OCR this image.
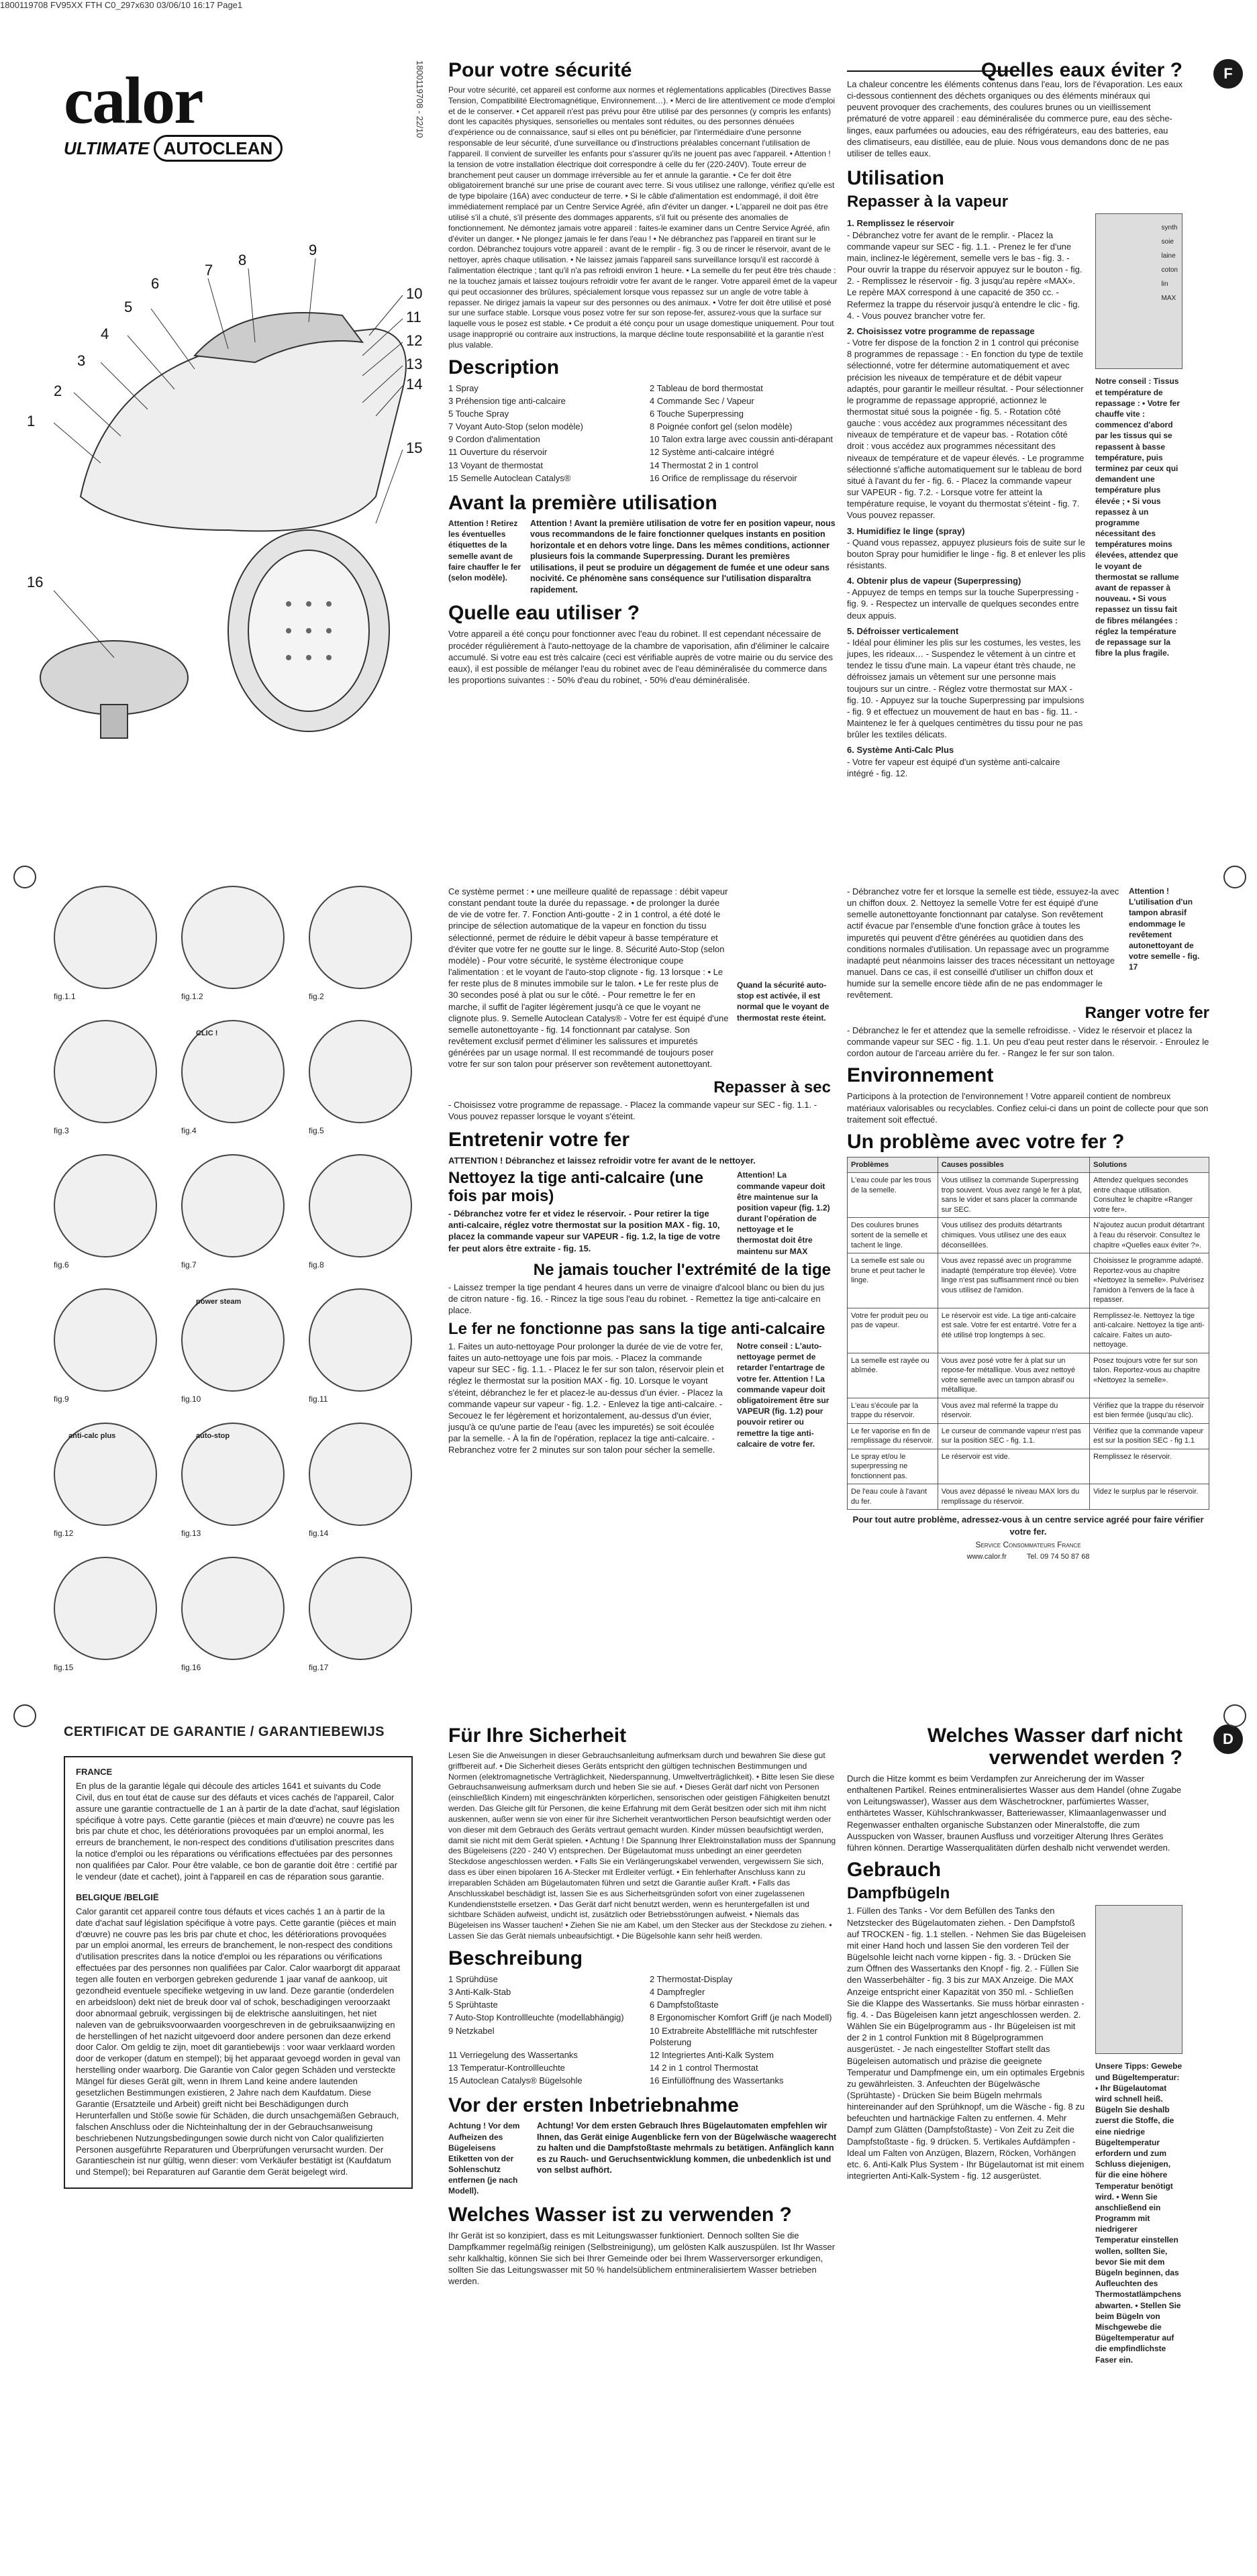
1800119708 FV95XX FTH C0_297x630 03/06/10 16:17 Page1
calor
ULTIMATE AUTOCLEAN
1800119708 - 22/10
1
2
3
4
5
6
7
8
9
10
11
12
13
14
15
16
Pour votre sécurité

Pour votre sécurité, cet appareil est conforme aux normes et réglementations applicables (Directives Basse Tension, Compatibilité Electromagnétique, Environnement…). • Merci de lire attentivement ce mode d'emploi et de le conserver. • Cet appareil n'est pas prévu pour être utilisé par des personnes (y compris les enfants) dont les capacités physiques, sensorielles ou mentales sont réduites, ou des personnes dénuées d'expérience ou de connaissance, sauf si elles ont pu bénéficier, par l'intermédiaire d'une personne responsable de leur sécurité, d'une surveillance ou d'instructions préalables concernant l'utilisation de l'appareil. Il convient de surveiller les enfants pour s'assurer qu'ils ne jouent pas avec l'appareil. • Attention ! la tension de votre installation électrique doit correspondre à celle du fer (220-240V). Toute erreur de branchement peut causer un dommage irréversible au fer et annule la garantie. • Ce fer doit être obligatoirement branché sur une prise de courant avec terre. Si vous utilisez une rallonge, vérifiez qu'elle est de type bipolaire (16A) avec conducteur de terre. • Si le câble d'alimentation est endommagé, il doit être immédiatement remplacé par un Centre Service Agréé, afin d'éviter un danger. • L'appareil ne doit pas être utilisé s'il a chuté, s'il présente des dommages apparents, s'il fuit ou présente des anomalies de fonctionnement. Ne démontez jamais votre appareil : faites-le examiner dans un Centre Service Agréé, afin d'éviter un danger. • Ne plongez jamais le fer dans l'eau ! • Ne débranchez pas l'appareil en tirant sur le cordon. Débranchez toujours votre appareil : avant de le remplir - fig. 3 ou de rincer le réservoir, avant de le nettoyer, après chaque utilisation. • Ne laissez jamais l'appareil sans surveillance lorsqu'il est raccordé à l'alimentation électrique ; tant qu'il n'a pas refroidi environ 1 heure. • La semelle du fer peut être très chaude : ne la touchez jamais et laissez toujours refroidir votre fer avant de le ranger. Votre appareil émet de la vapeur qui peut occasionner des brûlures, spécialement lorsque vous repassez sur un angle de votre table à repasser. Ne dirigez jamais la vapeur sur des personnes ou des animaux. • Votre fer doit être utilisé et posé sur une surface stable. Lorsque vous posez votre fer sur son repose-fer, assurez-vous que la surface sur laquelle vous le posez est stable. • Ce produit a été conçu pour un usage domestique uniquement. Pour tout usage inapproprié ou contraire aux instructions, la marque décline toute responsabilité et la garantie n'est plus valable.

Description
1 Spray	2 Tableau de bord thermostat
3 Préhension tige anti-calcaire	4 Commande Sec / Vapeur
5 Touche Spray	6 Touche Superpressing
7 Voyant Auto-Stop (selon modèle)	8 Poignée confort gel (selon modèle)
9 Cordon d'alimentation	10 Talon extra large avec coussin anti-dérapant
11 Ouverture du réservoir	12 Système anti-calcaire intégré
13 Voyant de thermostat	14 Thermostat 2 in 1 control
15 Semelle Autoclean Catalys®	16 Orifice de remplissage du réservoir
Avant la première utilisation
Attention ! Retirez les éventuelles étiquettes de la semelle avant de faire chauffer le fer (selon modèle).
Attention ! Avant la première utilisation de votre fer en position vapeur, nous vous recommandons de le faire fonctionner quelques instants en position horizontale et en dehors votre linge. Dans les mêmes conditions, actionner plusieurs fois la commande Superpressing. Durant les premières utilisations, il peut se produire un dégagement de fumée et une odeur sans nocivité. Ce phénomène sans conséquence sur l'utilisation disparaîtra rapidement.
Quelle eau utiliser ?

Votre appareil a été conçu pour fonctionner avec l'eau du robinet. Il est cependant nécessaire de procéder régulièrement à l'auto-nettoyage de la chambre de vaporisation, afin d'éliminer le calcaire accumulé. Si votre eau est très calcaire (ceci est vérifiable auprès de votre mairie ou du service des eaux), il est possible de mélanger l'eau du robinet avec de l'eau déminéralisée du commerce dans les proportions suivantes : - 50% d'eau du robinet, - 50% d'eau déminéralisée.

Quelles eaux éviter ?

La chaleur concentre les éléments contenus dans l'eau, lors de l'évaporation. Les eaux ci-dessous contiennent des déchets organiques ou des éléments minéraux qui peuvent provoquer des crachements, des coulures brunes ou un vieillissement prématuré de votre appareil : eau déminéralisée du commerce pure, eau des sèche-linges, eaux parfumées ou adoucies, eau des réfrigérateurs, eau des batteries, eau des climatiseurs, eau distillée, eau de pluie. Nous vous demandons donc de ne pas utiliser de telles eaux.

Utilisation
Repasser à la vapeur
1. Remplissez le réservoir

- Débranchez votre fer avant de le remplir. - Placez la commande vapeur sur SEC - fig. 1.1. - Prenez le fer d'une main, inclinez-le légèrement, semelle vers le bas - fig. 3. - Pour ouvrir la trappe du réservoir appuyez sur le bouton - fig. 2. - Remplissez le réservoir - fig. 3 jusqu'au repère «MAX». Le repère MAX correspond à une capacité de 350 cc. - Refermez la trappe du réservoir jusqu'à entendre le clic - fig. 4. - Vous pouvez brancher votre fer.

2. Choisissez votre programme de repassage

- Votre fer dispose de la fonction 2 in 1 control qui préconise 8 programmes de repassage : - En fonction du type de textile sélectionné, votre fer détermine automatiquement et avec précision les niveaux de température et de débit vapeur adaptés, pour garantir le meilleur résultat. - Pour sélectionner le programme de repassage approprié, actionnez le thermostat situé sous la poignée - fig. 5. - Rotation côté gauche : vous accédez aux programmes nécessitant des niveaux de température et de vapeur bas. - Rotation côté droit : vous accédez aux programmes nécessitant des niveaux de température et de vapeur élevés. - Le programme sélectionné s'affiche automatiquement sur le tableau de bord situé à l'avant du fer - fig. 6. - Placez la commande vapeur sur VAPEUR - fig. 7.2. - Lorsque votre fer atteint la température requise, le voyant du thermostat s'éteint - fig. 7. Vous pouvez repasser.

3. Humidifiez le linge (spray)

- Quand vous repassez, appuyez plusieurs fois de suite sur le bouton Spray pour humidifier le linge - fig. 8 et enlever les plis résistants.

4. Obtenir plus de vapeur (Superpressing)

- Appuyez de temps en temps sur la touche Superpressing - fig. 9. - Respectez un intervalle de quelques secondes entre deux appuis.

5. Défroisser verticalement

- Idéal pour éliminer les plis sur les costumes, les vestes, les jupes, les rideaux… - Suspendez le vêtement à un cintre et tendez le tissu d'une main. La vapeur étant très chaude, ne défroissez jamais un vêtement sur une personne mais toujours sur un cintre. - Réglez votre thermostat sur MAX - fig. 10. - Appuyez sur la touche Superpressing par impulsions - fig. 9 et effectuez un mouvement de haut en bas - fig. 11. - Maintenez le fer à quelques centimètres du tissu pour ne pas brûler les textiles délicats.

6. Système Anti-Calc Plus

- Votre fer vapeur est équipé d'un système anti-calcaire intégré - fig. 12.

synth
soie
laine
coton
lin
MAX
Notre conseil : Tissus et température de repassage : • Votre fer chauffe vite : commencez d'abord par les tissus qui se repassent à basse température, puis terminez par ceux qui demandent une température plus élevée ; • Si vous repassez à un programme nécessitant des températures moins élevées, attendez que le voyant de thermostat se rallume avant de repasser à nouveau. • Si vous repassez un tissu fait de fibres mélangées : réglez la température de repassage sur la fibre la plus fragile.
F
fig.1.1	fig.1.2	fig.2
fig.3
CLIC !
fig.4	fig.5
fig.6	fig.7	fig.8
fig.9
power steam
fig.10	fig.11
anti-calc plus
fig.12
auto-stop
fig.13	fig.14
fig.15	fig.16	fig.17

Ce système permet : • une meilleure qualité de repassage : débit vapeur constant pendant toute la durée du repassage. • de prolonger la durée de vie de votre fer. 7. Fonction Anti-goutte - 2 in 1 control, a été doté le principe de sélection automatique de la vapeur en fonction du tissu sélectionné, permet de réduire le débit vapeur à basse température et d'éviter que votre fer ne goutte sur le linge. 8. Sécurité Auto-Stop (selon modèle) - Pour votre sécurité, le système électronique coupe l'alimentation : et le voyant de l'auto-stop clignote - fig. 13 lorsque : • Le fer reste plus de 8 minutes immobile sur le talon. • Le fer reste plus de 30 secondes posé à plat ou sur le côté. - Pour remettre le fer en marche, il suffit de l'agiter légèrement jusqu'à ce que le voyant ne clignote plus. 9. Semelle Autoclean Catalys® - Votre fer est équipé d'une semelle autonettoyante - fig. 14 fonctionnant par catalyse. Son revêtement exclusif permet d'éliminer les salissures et impuretés générées par un usage normal. Il est recommandé de toujours poser votre fer sur son talon pour préserver son revêtement autonettoyant.

Quand la sécurité auto-stop est activée, il est normal que le voyant de thermostat reste éteint.
Repasser à sec

- Choisissez votre programme de repassage. - Placez la commande vapeur sur SEC - fig. 1.1. - Vous pouvez repasser lorsque le voyant s'éteint.

Entretenir votre fer

ATTENTION ! Débranchez et laissez refroidir votre fer avant de le nettoyer.

Nettoyez la tige anti-calcaire (une fois par mois)

- Débranchez votre fer et videz le réservoir. - Pour retirer la tige anti-calcaire, réglez votre thermostat sur la position MAX - fig. 10, placez la commande vapeur sur VAPEUR - fig. 1.2, la tige de votre fer peut alors être extraite - fig. 15.

Attention! La commande vapeur doit être maintenue sur la position vapeur (fig. 1.2) durant l'opération de nettoyage et le thermostat doit être maintenu sur MAX
Ne jamais toucher l'extrémité de la tige

- Laissez tremper la tige pendant 4 heures dans un verre de vinaigre d'alcool blanc ou bien du jus de citron nature - fig. 16. - Rincez la tige sous l'eau du robinet. - Remettez la tige anti-calcaire en place.

Le fer ne fonctionne pas sans la tige anti-calcaire

1. Faites un auto-nettoyage Pour prolonger la durée de vie de votre fer, faites un auto-nettoyage une fois par mois. - Placez la commande vapeur sur SEC - fig. 1.1. - Placez le fer sur son talon, réservoir plein et réglez le thermostat sur la position MAX - fig. 10. Lorsque le voyant s'éteint, débranchez le fer et placez-le au-dessus d'un évier. - Placez la commande vapeur sur vapeur - fig. 1.2. - Enlevez la tige anti-calcaire. - Secouez le fer légèrement et horizontalement, au-dessus d'un évier, jusqu'à ce qu'une partie de l'eau (avec les impuretés) se soit écoulée par la semelle. - À la fin de l'opération, replacez la tige anti-calcaire. - Rebranchez votre fer 2 minutes sur son talon pour sécher la semelle.

Notre conseil : L'auto-nettoyage permet de retarder l'entartrage de votre fer. Attention ! La commande vapeur doit obligatoirement être sur VAPEUR (fig. 1.2) pour pouvoir retirer ou remettre la tige anti-calcaire de votre fer.

- Débranchez votre fer et lorsque la semelle est tiède, essuyez-la avec un chiffon doux. 2. Nettoyez la semelle Votre fer est équipé d'une semelle autonettoyante fonctionnant par catalyse. Son revêtement actif évacue par l'ensemble d'une fonction grâce à toutes les impuretés qui peuvent d'être générées au quotidien dans des conditions normales d'utilisation. Un repassage avec un programme inadapté peut néanmoins laisser des traces nécessitant un nettoyage manuel. Dans ce cas, il est conseillé d'utiliser un chiffon doux et humide sur la semelle encore tiède afin de ne pas endommager le revêtement.

Attention ! L'utilisation d'un tampon abrasif endommage le revêtement autonettoyant de votre semelle - fig. 17
Ranger votre fer

- Débranchez le fer et attendez que la semelle refroidisse. - Videz le réservoir et placez la commande vapeur sur SEC - fig. 1.1. Un peu d'eau peut rester dans le réservoir. - Enroulez le cordon autour de l'arceau arrière du fer. - Rangez le fer sur son talon.

Environnement

Participons à la protection de l'environnement ! Votre appareil contient de nombreux matériaux valorisables ou recyclables. Confiez celui-ci dans un point de collecte pour que son traitement soit effectué.

Un problème avec votre fer ?
Problèmes	Causes possibles	Solutions
L'eau coule par les trous de la semelle.	Vous utilisez la commande Superpressing trop souvent. Vous avez rangé le fer à plat, sans le vider et sans placer la commande sur SEC.	Attendez quelques secondes entre chaque utilisation. Consultez le chapitre «Ranger votre fer».
Des coulures brunes sortent de la semelle et tachent le linge.	Vous utilisez des produits détartrants chimiques. Vous utilisez une des eaux déconseillées.	N'ajoutez aucun produit détartrant à l'eau du réservoir. Consultez le chapitre «Quelles eaux éviter ?».
La semelle est sale ou brune et peut tacher le linge.	Vous avez repassé avec un programme inadapté (température trop élevée). Votre linge n'est pas suffisamment rincé ou bien vous utilisez de l'amidon.	Choisissez le programme adapté. Reportez-vous au chapitre «Nettoyez la semelle». Pulvérisez l'amidon à l'envers de la face à repasser.
Votre fer produit peu ou pas de vapeur.	Le réservoir est vide. La tige anti-calcaire est sale. Votre fer est entartré. Votre fer a été utilisé trop longtemps à sec.	Remplissez-le. Nettoyez la tige anti-calcaire. Nettoyez la tige anti-calcaire. Faites un auto-nettoyage.
La semelle est rayée ou abîmée.	Vous avez posé votre fer à plat sur un repose-fer métallique. Vous avez nettoyé votre semelle avec un tampon abrasif ou métallique.	Posez toujours votre fer sur son talon. Reportez-vous au chapitre «Nettoyez la semelle».
L'eau s'écoule par la trappe du réservoir.	Vous avez mal refermé la trappe du réservoir.	Vérifiez que la trappe du réservoir est bien fermée (jusqu'au clic).
Le fer vaporise en fin de remplissage du réservoir.	Le curseur de commande vapeur n'est pas sur la position SEC - fig. 1.1.	Vérifiez que la commande vapeur est sur la position SEC - fig 1.1
Le spray et/ou le superpressing ne fonctionnent pas.	Le réservoir est vide.	Remplissez le réservoir.
De l'eau coule à l'avant du fer.	Vous avez dépassé le niveau MAX lors du remplissage du réservoir.	Videz le surplus par le réservoir.
Pour tout autre problème, adressez-vous à un centre service agréé pour faire vérifier votre fer.
Service Consommateurs France
www.calor.fr	Tel. 09 74 50 87 68
CERTIFICAT DE GARANTIE / GARANTIEBEWIJS
FRANCE

En plus de la garantie légale qui découle des articles 1641 et suivants du Code Civil, dus en tout état de cause sur des défauts et vices cachés de l'appareil, Calor assure une garantie contractuelle de 1 an à partir de la date d'achat, sauf législation spécifique à votre pays. Cette garantie (pièces et main d'œuvre) ne couvre pas les bris par chute et choc, les détériorations provoquées par un emploi anormal, les erreurs de branchement, le non-respect des conditions d'utilisation prescrites dans la notice d'emploi ou les réparations ou vérifications effectuées par des personnes non qualifiées par Calor. Pour être valable, ce bon de garantie doit être : certifié par le vendeur (date et cachet), joint à l'appareil en cas de réparation sous garantie.

BELGIQUE /BELGIË

Calor garantit cet appareil contre tous défauts et vices cachés 1 an à partir de la date d'achat sauf législation spécifique à votre pays. Cette garantie (pièces et main d'œuvre) ne couvre pas les bris par chute et choc, les détériorations provoquées par un emploi anormal, les erreurs de branchement, le non-respect des conditions d'utilisation prescrites dans la notice d'emploi ou les réparations ou vérifications effectuées par des personnes non qualifiées par Calor. Calor waarborgt dit apparaat tegen alle fouten en verborgen gebreken gedurende 1 jaar vanaf de aankoop, uit gezondheid eventuele specifieke wetgeving in uw land. Deze garantie (onderdelen en arbeidsloon) dekt niet de breuk door val of schok, beschadigingen veroorzaakt door abnormaal gebruik, vergissingen bij de elektrische aansluitingen, het niet naleven van de gebruiksvoorwaarden voorgeschreven in de gebruiksaanwijzing en de herstellingen of het nazicht uitgevoerd door andere personen dan deze erkend door Calor. Om geldig te zijn, moet dit garantiebewijs : voor waar verklaard worden door de verkoper (datum en stempel); bij het apparaat gevoegd worden in geval van herstelling onder waarborg. Die Garantie von Calor gegen Schäden und versteckte Mängel für dieses Gerät gilt, wenn in Ihrem Land keine andere lautenden gesetzlichen Bestimmungen existieren, 2 Jahre nach dem Kaufdatum. Diese Garantie (Ersatzteile und Arbeit) greift nicht bei Beschädigungen durch Herunterfallen und Stöße sowie für Schäden, die durch unsachgemäßen Gebrauch, falschen Anschluss oder die Nichteinhaltung der in der Gebrauchsanweisung beschriebenen Nutzungsbedingungen sowie durch nicht von Calor qualifizierten Personen ausgeführte Reparaturen und Überprüfungen verursacht wurden. Der Garantieschein ist nur gültig, wenn dieser: vom Verkäufer bestätigt ist (Kaufdatum und Stempel); bei Reparaturen auf Garantie dem Gerät beigelegt wird.

Für Ihre Sicherheit

Lesen Sie die Anweisungen in dieser Gebrauchsanleitung aufmerksam durch und bewahren Sie diese gut griffbereit auf. • Die Sicherheit dieses Geräts entspricht den gültigen technischen Bestimmungen und Normen (elektromagnetische Verträglichkeit, Niederspannung, Umweltverträglichkeit). • Bitte lesen Sie diese Gebrauchsanweisung aufmerksam durch und heben Sie sie auf. • Dieses Gerät darf nicht von Personen (einschließlich Kindern) mit eingeschränkten körperlichen, sensorischen oder geistigen Fähigkeiten benutzt werden. Das Gleiche gilt für Personen, die keine Erfahrung mit dem Gerät besitzen oder sich mit ihm nicht auskennen, außer wenn sie von einer für ihre Sicherheit verantwortlichen Person beaufsichtigt werden oder von dieser mit dem Gebrauch des Geräts vertraut gemacht wurden. Kinder müssen beaufsichtigt werden, damit sie nicht mit dem Gerät spielen. • Achtung ! Die Spannung Ihrer Elektroinstallation muss der Spannung des Bügeleisens (220 - 240 V) entsprechen. Der Bügelautomat muss unbedingt an einer geerdeten Steckdose angeschlossen werden. • Falls Sie ein Verlängerungskabel verwenden, vergewissern Sie sich, dass es über einen bipolaren 16 A-Stecker mit Erdleiter verfügt. • Ein fehlerhafter Anschluss kann zu irreparablen Schäden am Bügelautomaten führen und setzt die Garantie außer Kraft. • Falls das Anschlusskabel beschädigt ist, lassen Sie es aus Sicherheitsgründen sofort von einer zugelassenen Kundendienststelle ersetzen. • Das Gerät darf nicht benutzt werden, wenn es heruntergefallen ist und sichtbare Schäden aufweist, undicht ist, zusätzlich oder Betriebsstörungen aufweist. • Niemals das Bügeleisen ins Wasser tauchen! • Ziehen Sie nie am Kabel, um den Stecker aus der Steckdose zu ziehen. • Lassen Sie das Gerät niemals unbeaufsichtigt. • Die Bügelsohle kann sehr heiß werden.

Beschreibung
1 Sprühdüse	2 Thermostat-Display
3 Anti-Kalk-Stab	4 Dampfregler
5 Sprühtaste	6 Dampfstoßtaste
7 Auto-Stop Kontrollleuchte (modellabhängig)	8 Ergonomischer Komfort Griff (je nach Modell)
9 Netzkabel	10 Extrabreite Abstellfläche mit rutschfester Polsterung
11 Verriegelung des Wassertanks	12 Integriertes Anti-Kalk System
13 Temperatur-Kontrollleuchte	14 2 in 1 control Thermostat
15 Autoclean Catalys® Bügelsohle	16 Einfüllöffnung des Wassertanks
Vor der ersten Inbetriebnahme
Achtung ! Vor dem Aufheizen des Bügeleisens Etiketten von der Sohlenschutz entfernen (je nach Modell).
Achtung! Vor dem ersten Gebrauch Ihres Bügelautomaten empfehlen wir Ihnen, das Gerät einige Augenblicke fern von der Bügelwäsche waagerecht zu halten und die Dampfstoßtaste mehrmals zu betätigen. Anfänglich kann es zu Rauch- und Geruchsentwicklung kommen, die unbedenklich ist und von selbst aufhört.
Welches Wasser ist zu verwenden ?

Ihr Gerät ist so konzipiert, dass es mit Leitungswasser funktioniert. Dennoch sollten Sie die Dampfkammer regelmäßig reinigen (Selbstreinigung), um gelösten Kalk auszuspülen. Ist Ihr Wasser sehr kalkhaltig, können Sie sich bei Ihrer Gemeinde oder bei Ihrem Wasserversorger erkundigen, sollten Sie das Leitungswasser mit 50 % handelsüblichem entmineralisiertem Wasser betrieben werden.

Welches Wasser darf nicht verwendet werden ?

Durch die Hitze kommt es beim Verdampfen zur Anreicherung der im Wasser enthaltenen Partikel. Reines entmineralisiertes Wasser aus dem Handel (ohne Zugabe von Leitungswasser), Wasser aus dem Wäschetrockner, parfümiertes Wasser, enthärtetes Wasser, Kühlschrankwasser, Batteriewasser, Klimaanlagenwasser und Regenwasser enthalten organische Substanzen oder Mineralstoffe, die zum Ausspucken von Wasser, braunen Ausfluss und vorzeitiger Alterung Ihres Gerätes führen können. Derartige Wasserqualitäten dürfen deshalb nicht verwendet werden.

Gebrauch
Dampfbügeln

1. Füllen des Tanks - Vor dem Befüllen des Tanks den Netzstecker des Bügelautomaten ziehen. - Den Dampfstoß auf TROCKEN - fig. 1.1 stellen. - Nehmen Sie das Bügeleisen mit einer Hand hoch und lassen Sie den vorderen Teil der Bügelsohle leicht nach vorne kippen - fig. 3. - Drücken Sie zum Öffnen des Wassertanks den Knopf - fig. 2. - Füllen Sie den Wasserbehälter - fig. 3 bis zur MAX Anzeige. Die MAX Anzeige entspricht einer Kapazität von 350 ml. - Schließen Sie die Klappe des Wassertanks. Sie muss hörbar einrasten - fig. 4. - Das Bügeleisen kann jetzt angeschlossen werden. 2. Wählen Sie ein Bügelprogramm aus - Ihr Bügeleisen ist mit der 2 in 1 control Funktion mit 8 Bügelprogrammen ausgerüstet. - Je nach eingestellter Stoffart stellt das Bügeleisen automatisch und präzise die geeignete Temperatur und Dampfmenge ein, um ein optimales Ergebnis zu gewährleisten. 3. Anfeuchten der Bügelwäsche (Sprühtaste) - Drücken Sie beim Bügeln mehrmals hintereinander auf den Sprühknopf, um die Wäsche - fig. 8 zu befeuchten und hartnäckige Falten zu entfernen. 4. Mehr Dampf zum Glätten (Dampfstoßtaste) - Von Zeit zu Zeit die Dampfstoßtaste - fig. 9 drücken. 5. Vertikales Aufdämpfen - Ideal um Falten von Anzügen, Blazern, Röcken, Vorhängen etc. 6. Anti-Kalk Plus System - Ihr Bügelautomat ist mit einem integrierten Anti-Kalk-System - fig. 12 ausgerüstet.

Unsere Tipps: Gewebe und Bügeltemperatur: • Ihr Bügelautomat wird schnell heiß. Bügeln Sie deshalb zuerst die Stoffe, die eine niedrige Bügeltemperatur erfordern und zum Schluss diejenigen, für die eine höhere Temperatur benötigt wird. • Wenn Sie anschließend ein Programm mit niedrigerer Temperatur einstellen wollen, sollten Sie, bevor Sie mit dem Bügeln beginnen, das Aufleuchten des Thermostatlämpchens abwarten. • Stellen Sie beim Bügeln von Mischgewebe die Bügeltemperatur auf die empfindlichste Faser ein.
D
